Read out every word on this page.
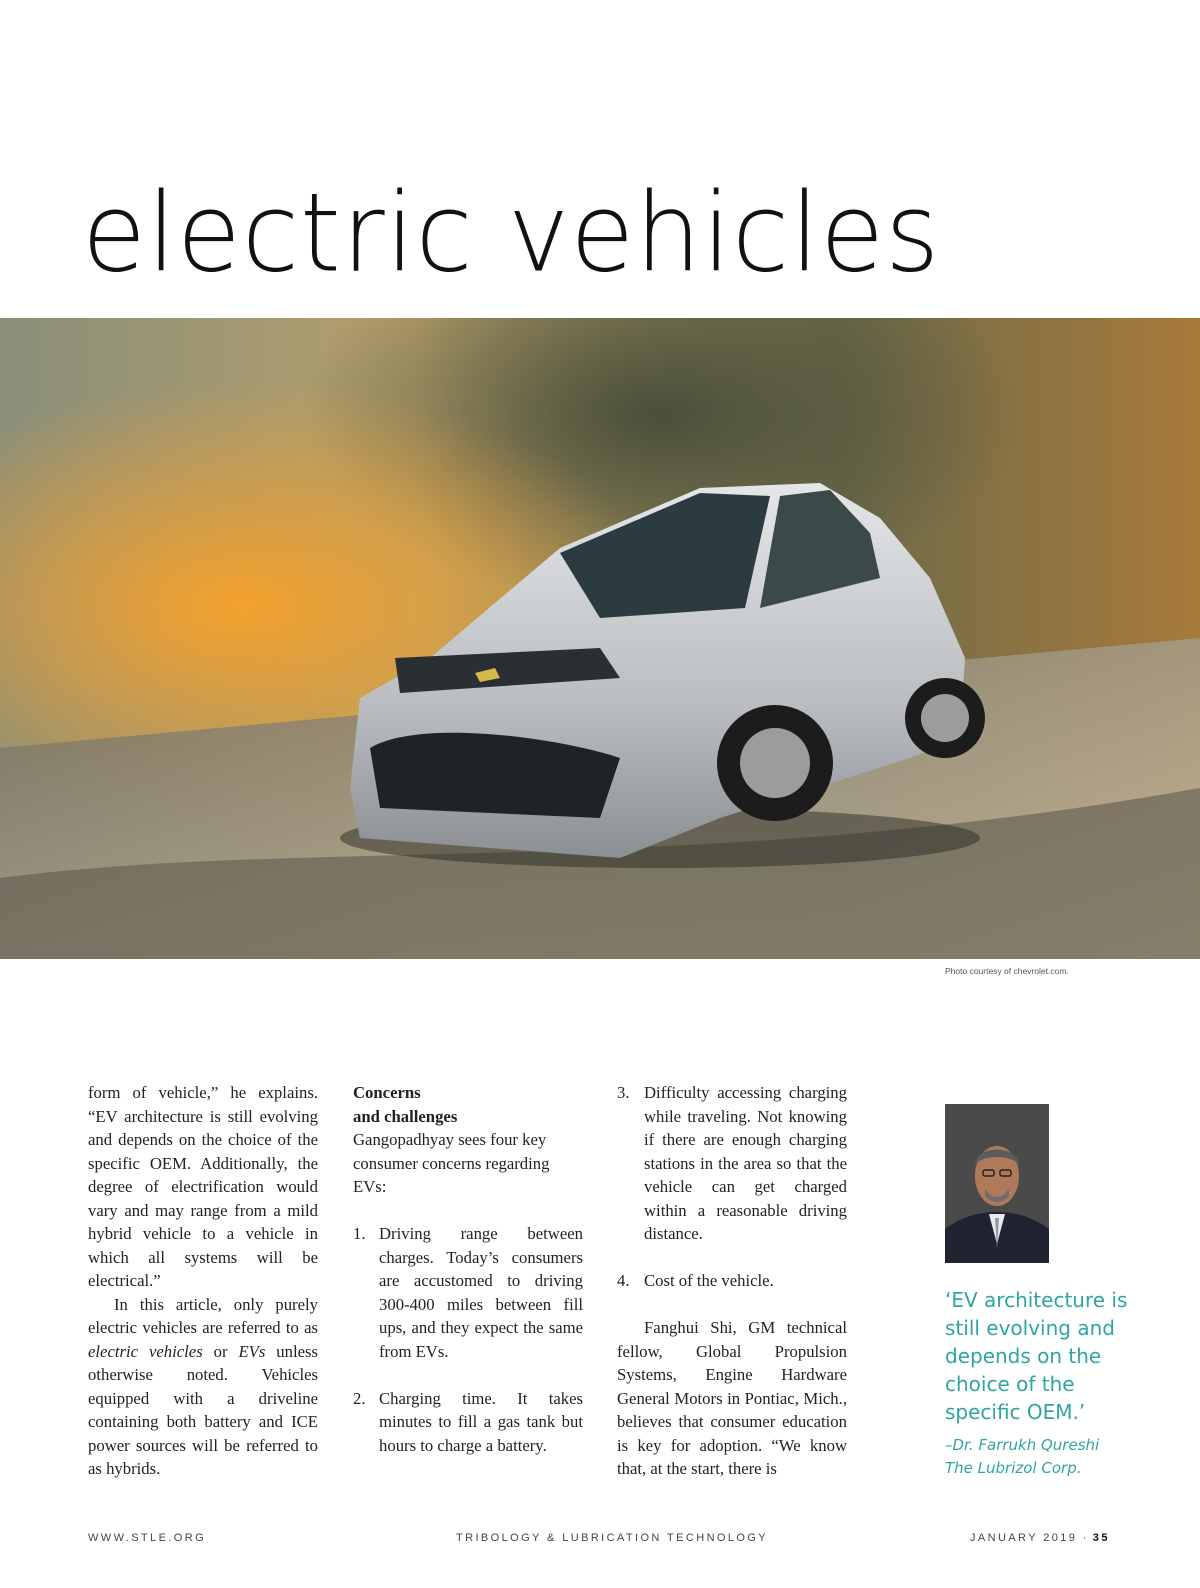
electric vehicles
Photo courtesy of chevrolet.com.

form of vehicle,” he explains. “EV architecture is still evolving and depends on the choice of the specific OEM. Additionally, the degree of electrification would vary and may range from a mild hybrid vehicle to a vehicle in which all systems will be electrical.”

In this article, only purely electric vehicles are referred to as electric vehicles or EVs unless otherwise noted. Vehicles equipped with a driveline containing both battery and ICE power sources will be referred to as hybrids.

Concerns
and challenges

Gangopadhyay sees four key consumer concerns regarding EVs:

1. Driving range between charges. Today’s consumers are accustomed to driving 300-400 miles between fill ups, and they expect the same from EVs.
2. Charging time. It takes minutes to fill a gas tank but hours to charge a battery.
3. Difficulty accessing charging while traveling. Not knowing if there are enough charging stations in the area so that the vehicle can get charged within a reasonable driving distance.
4. Cost of the vehicle.

Fanghui Shi, GM technical fellow, Global Propulsion Systems, Engine Hardware General Motors in Pontiac, Mich., believes that consumer education is key for adoption. “We know that, at the start, there is

‘EV architecture is still evolving and depends on the choice of the specific OEM.’

–Dr. Farrukh Qureshi
The Lubrizol Corp.
WWW.STLE.ORG	TRIBOLOGY & LUBRICATION TECHNOLOGY	JANUARY 2019 · 35
